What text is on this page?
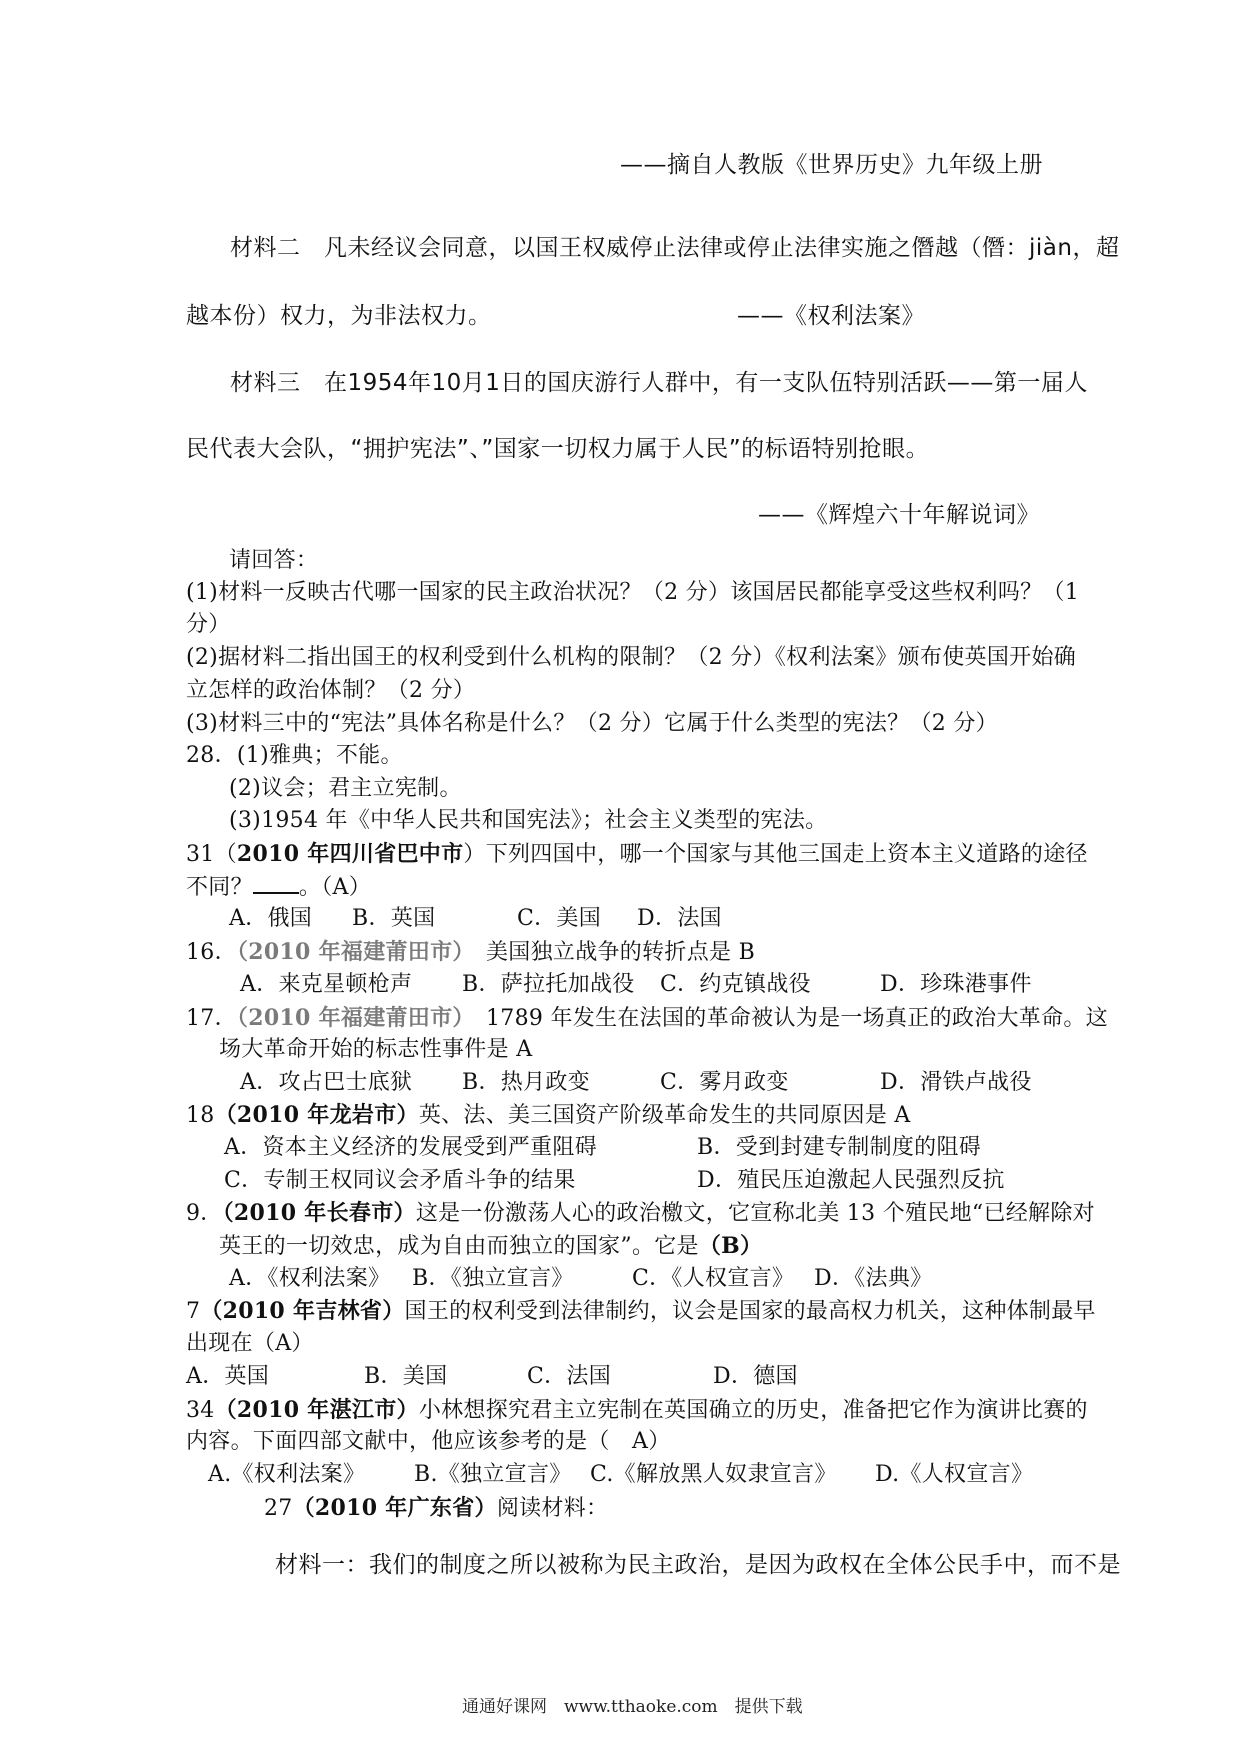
——摘自人教版《世界历史》九年级上册
材料二　凡未经议会同意，以国王权威停止法律或停止法律实施之僭越（僭：jiàn，超
越本份）权力，为非法权力。	——《权利法案》
材料三　在1954年10月1日的国庆游行人群中，有一支队伍特别活跃——第一届人
民代表大会队，“拥护宪法”、”国家一切权力属于人民”的标语特别抢眼。
——《辉煌六十年解说词》
请回答：
(1)材料一反映古代哪一国家的民主政治状况？（2 分）该国居民都能享受这些权利吗？（1
分）
(2)据材料二指出国王的权利受到什么机构的限制？（2 分）《权利法案》颁布使英国开始确
立怎样的政治体制？（2 分）
(3)材料三中的“宪法”具体名称是什么？（2 分）它属于什么类型的宪法？（2 分）
28．(1)雅典；不能。
(2)议会；君主立宪制。
(3)1954 年《中华人民共和国宪法》；社会主义类型的宪法。
31（2010 年四川省巴中市）下列四国中，哪一个国家与其他三国走上资本主义道路的途径
不同？ 。（A）
A．俄国 B．英国	C．美国 D．法国
16．（2010 年福建莆田市）　美国独立战争的转折点是 B
A．来克星顿枪声 B．萨拉托加战役 C．约克镇战役	D．珍珠港事件
17．（2010 年福建莆田市）　1789 年发生在法国的革命被认为是一场真正的政治大革命。这
场大革命开始的标志性事件是 A
A．攻占巴士底狱 B．热月政变	C．雾月政变	D．滑铁卢战役
18（2010 年龙岩市）英、法、美三国资产阶级革命发生的共同原因是 A
A．资本主义经济的发展受到严重阻碍	B．受到封建专制制度的阻碍
C．专制王权同议会矛盾斗争的结果	D．殖民压迫激起人民强烈反抗
9．（2010 年长春市）这是一份激荡人心的政治檄文，它宣称北美 13 个殖民地“已经解除对
英王的一切效忠，成为自由而独立的国家”。它是（B）
A．《权利法案》 B．《独立宣言》	C．《人权宣言》 D．《法典》
7（2010 年吉林省）国王的权利受到法律制约，议会是国家的最高权力机关，这种体制最早
出现在（A）
A．英国	B．美国	C．法国	D．德国
34（2010 年湛江市）小林想探究君主立宪制在英国确立的历史，准备把它作为演讲比赛的
内容。下面四部文献中，他应该参考的是（　A）
A.《权利法案》 B.《独立宣言》 C.《解放黑人奴隶宣言》 D.《人权宣言》
27（2010 年广东省）阅读材料：
材料一：我们的制度之所以被称为民主政治，是因为政权在全体公民手中，而不是
通通好课网　www.tthaoke.com　提供下载
